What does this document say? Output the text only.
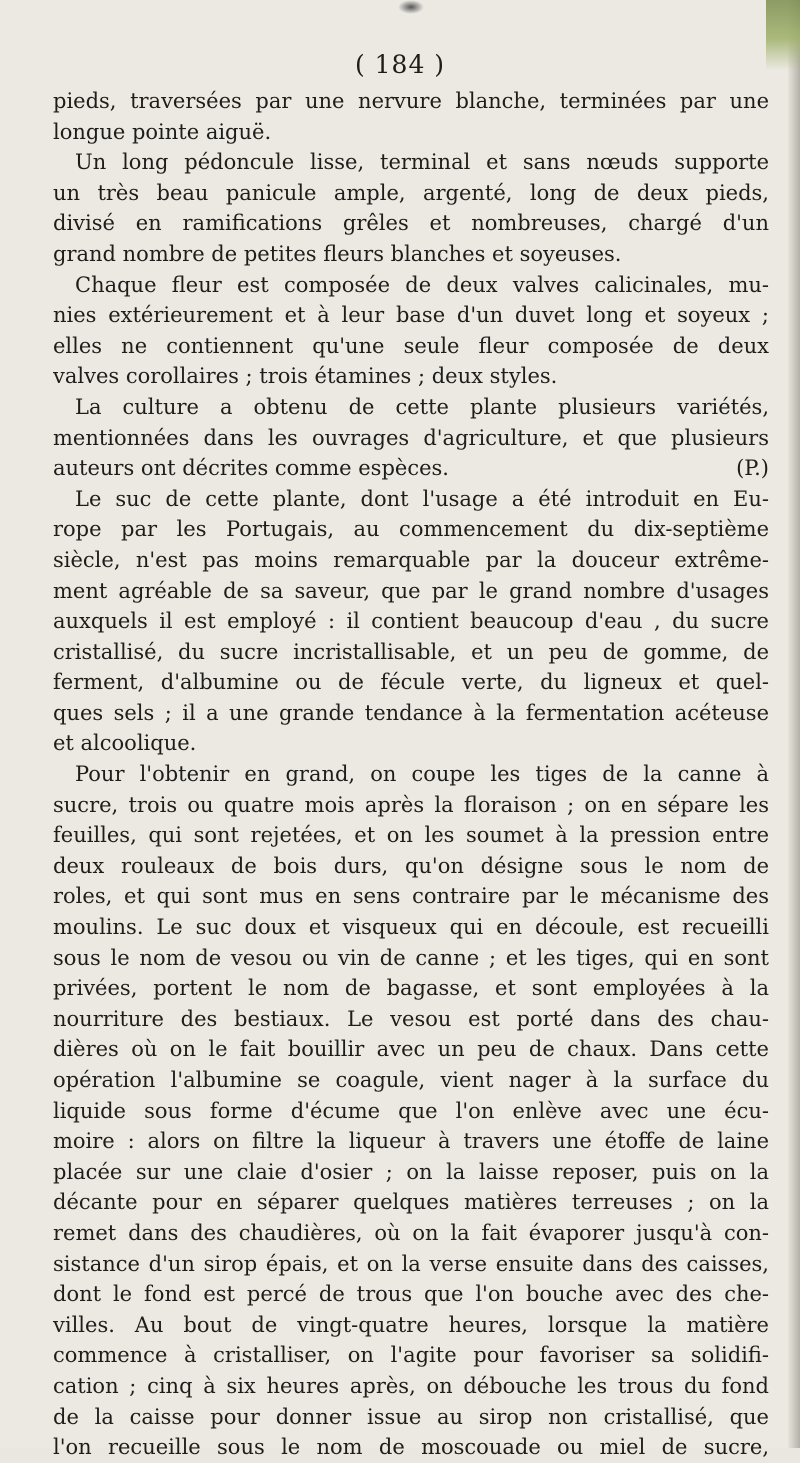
( 184 )
pieds, traversées par une nervure blanche, terminées par une
longue pointe aiguë.
Un long pédoncule lisse, terminal et sans nœuds supporte
un très beau panicule ample, argenté, long de deux pieds,
divisé en ramifications grêles et nombreuses, chargé d'un
grand nombre de petites fleurs blanches et soyeuses.
Chaque fleur est composée de deux valves calicinales, mu-
nies extérieurement et à leur base d'un duvet long et soyeux ;
elles ne contiennent qu'une seule fleur composée de deux
valves corollaires ; trois étamines ; deux styles.
La culture a obtenu de cette plante plusieurs variétés,
mentionnées dans les ouvrages d'agriculture, et que plusieurs
auteurs ont décrites comme espèces.	(P.)
Le suc de cette plante, dont l'usage a été introduit en Eu-
rope par les Portugais, au commencement du dix-septième
siècle, n'est pas moins remarquable par la douceur extrême-
ment agréable de sa saveur, que par le grand nombre d'usages
auxquels il est employé : il contient beaucoup d'eau , du sucre
cristallisé, du sucre incristallisable, et un peu de gomme, de
ferment, d'albumine ou de fécule verte, du ligneux et quel-
ques sels ; il a une grande tendance à la fermentation acéteuse
et alcoolique.
Pour l'obtenir en grand, on coupe les tiges de la canne à
sucre, trois ou quatre mois après la floraison ; on en sépare les
feuilles, qui sont rejetées, et on les soumet à la pression entre
deux rouleaux de bois durs, qu'on désigne sous le nom de
roles, et qui sont mus en sens contraire par le mécanisme des
moulins. Le suc doux et visqueux qui en découle, est recueilli
sous le nom de vesou ou vin de canne ; et les tiges, qui en sont
privées, portent le nom de bagasse, et sont employées à la
nourriture des bestiaux. Le vesou est porté dans des chau-
dières où on le fait bouillir avec un peu de chaux. Dans cette
opération l'albumine se coagule, vient nager à la surface du
liquide sous forme d'écume que l'on enlève avec une écu-
moire : alors on filtre la liqueur à travers une étoffe de laine
placée sur une claie d'osier ; on la laisse reposer, puis on la
décante pour en séparer quelques matières terreuses ; on la
remet dans des chaudières, où on la fait évaporer jusqu'à con-
sistance d'un sirop épais, et on la verse ensuite dans des caisses,
dont le fond est percé de trous que l'on bouche avec des che-
villes. Au bout de vingt-quatre heures, lorsque la matière
commence à cristalliser, on l'agite pour favoriser sa solidifi-
cation ; cinq à six heures après, on débouche les trous du fond
de la caisse pour donner issue au sirop non cristallisé, que
l'on recueille sous le nom de moscouade ou miel de sucre,
